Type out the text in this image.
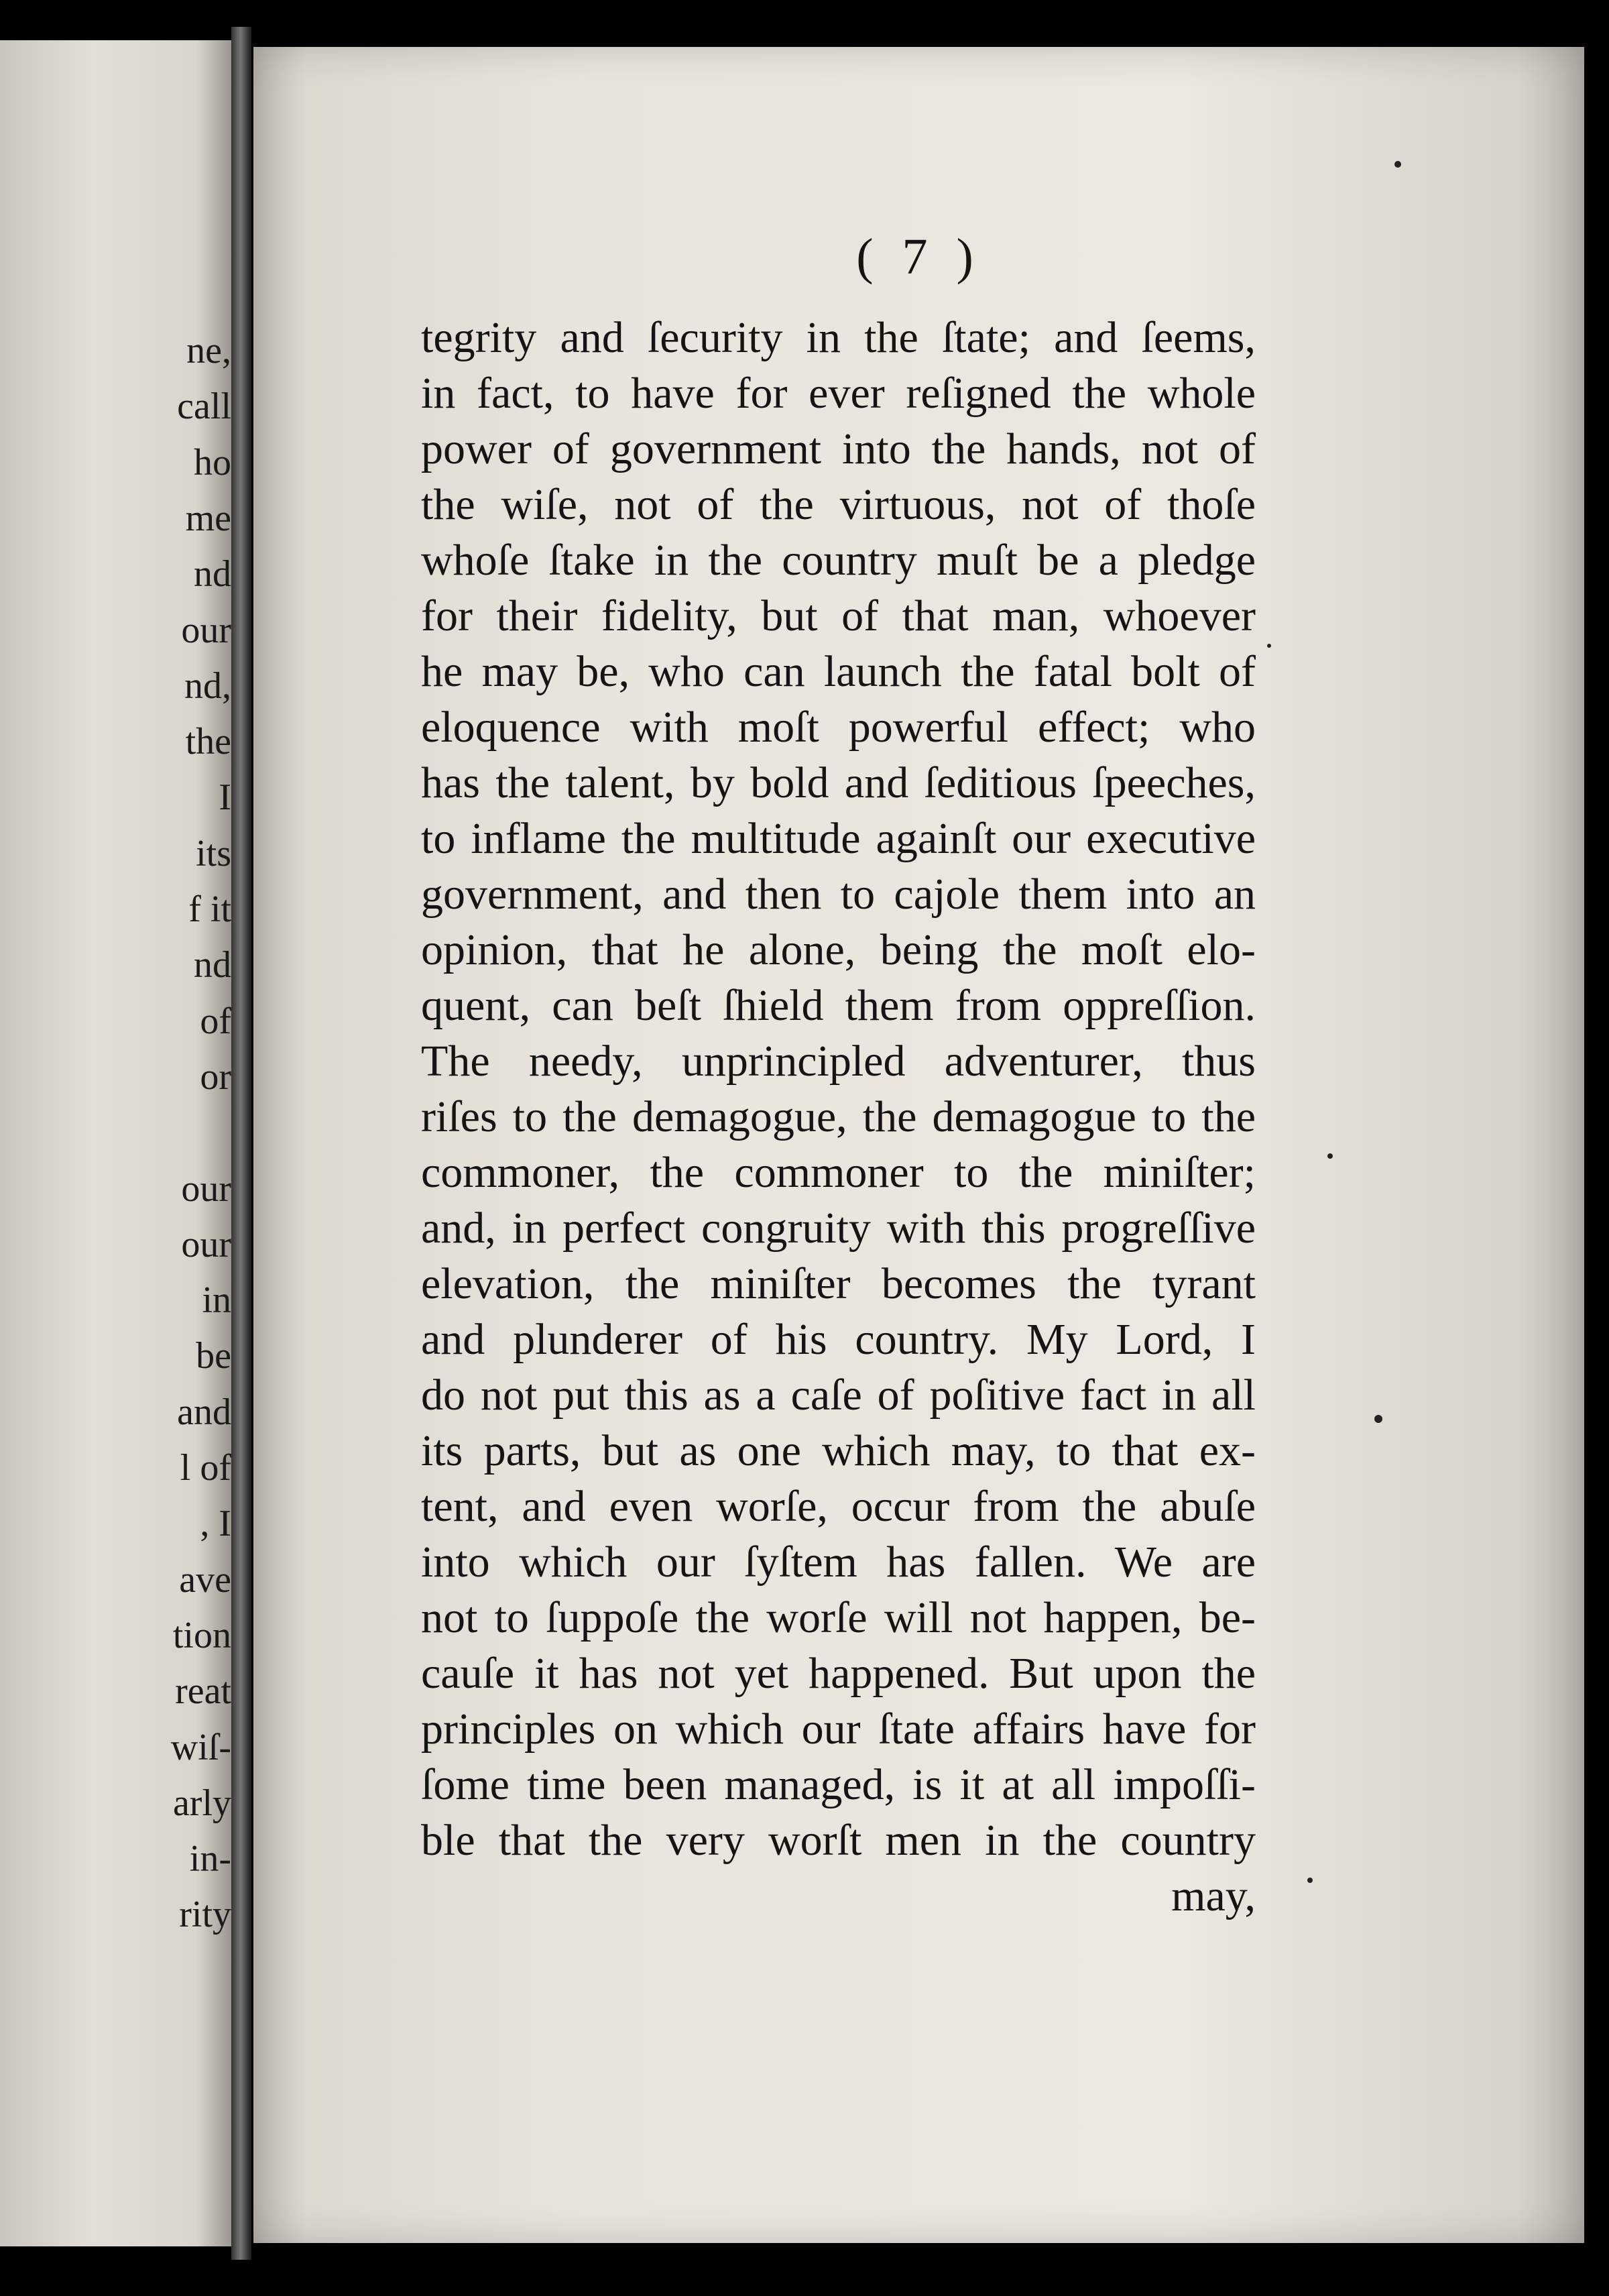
ne,
call
ho
me
nd
our
nd,
the
I
its
f it
nd
of
or
our
our
in
be
and
l of
, I
ave
tion
reat
wiſ-
arly
in-
rity
( 7 )
tegrity and ſecurity in the ſtate; and ſeems,
in fact, to have for ever reſigned the whole
power of government into the hands, not of
the wiſe, not of the virtuous, not of thoſe
whoſe ſtake in the country muſt be a pledge
for their fidelity, but of that man, whoever
he may be, who can launch the fatal bolt of
eloquence with moſt powerful effect; who
has the talent, by bold and ſeditious ſpeeches,
to inflame the multitude againſt our executive
government, and then to cajole them into an
opinion, that he alone, being the moſt elo-
quent, can beſt ſhield them from oppreſſion.
The needy, unprincipled adventurer, thus
riſes to the demagogue, the demagogue to the
commoner, the commoner to the miniſter;
and, in perfect congruity with this progreſſive
elevation, the miniſter becomes the tyrant
and plunderer of his country. My Lord, I
do not put this as a caſe of poſitive fact in all
its parts, but as one which may, to that ex-
tent, and even worſe, occur from the abuſe
into which our ſyſtem has fallen. We are
not to ſuppoſe the worſe will not happen, be-
cauſe it has not yet happened. But upon the
principles on which our ſtate affairs have for
ſome time been managed, is it at all impoſſi-
ble that the very worſt men in the country
may,
